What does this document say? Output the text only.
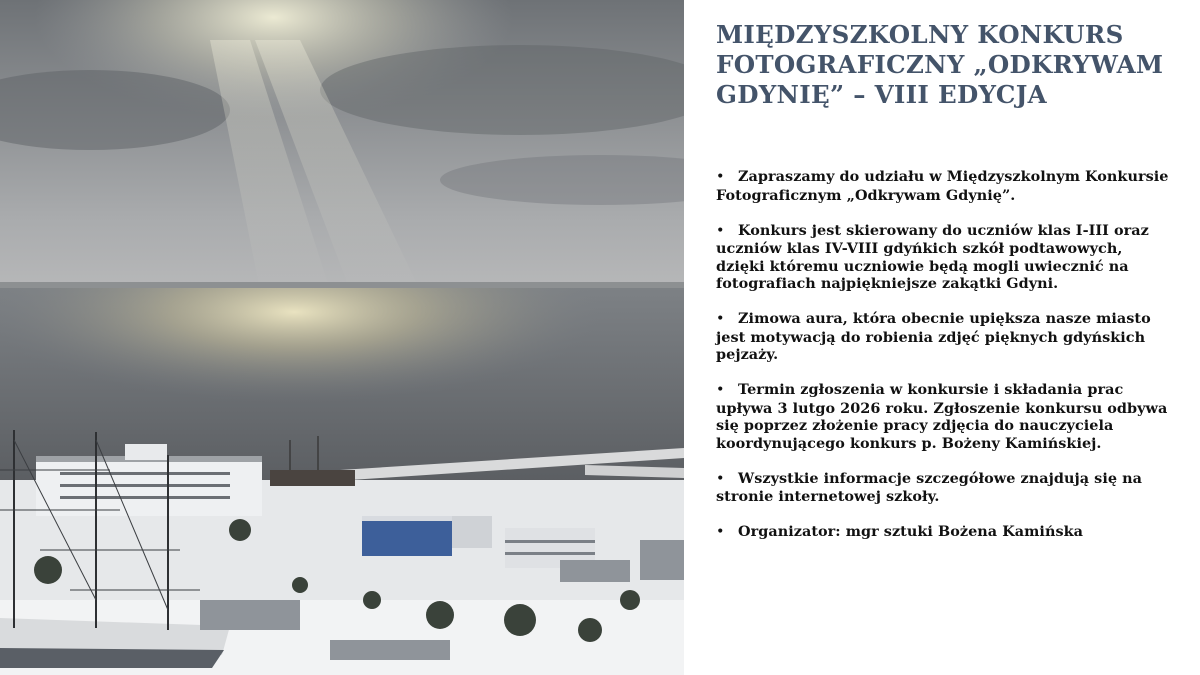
MIĘDZYSZKOLNY KONKURS FOTOGRAFICZNY „ODKRYWAM GDYNIĘ” – VIII EDYCJA
• Zapraszamy do udziału w Międzyszkolnym Konkursie Fotograficznym „Odkrywam Gdynię”.
• Konkurs jest skierowany do uczniów klas I-III oraz uczniów klas IV-VIII gdyńkich szkół podtawowych, dzięki któremu uczniowie będą mogli uwiecznić na fotografiach najpiękniejsze zakątki Gdyni.
• Zimowa aura, która obecnie upiększa nasze miasto jest motywacją do robienia zdjęć pięknych gdyńskich pejzaży.
• Termin zgłoszenia w konkursie i składania prac upływa 3 lutgo 2026 roku. Zgłoszenie konkursu odbywa się poprzez złożenie pracy zdjęcia do nauczyciela koordynującego konkurs p. Bożeny Kamińskiej.
• Wszystkie informacje szczegółowe znajdują się na stronie internetowej szkoły.
• Organizator: mgr sztuki Bożena Kamińska
